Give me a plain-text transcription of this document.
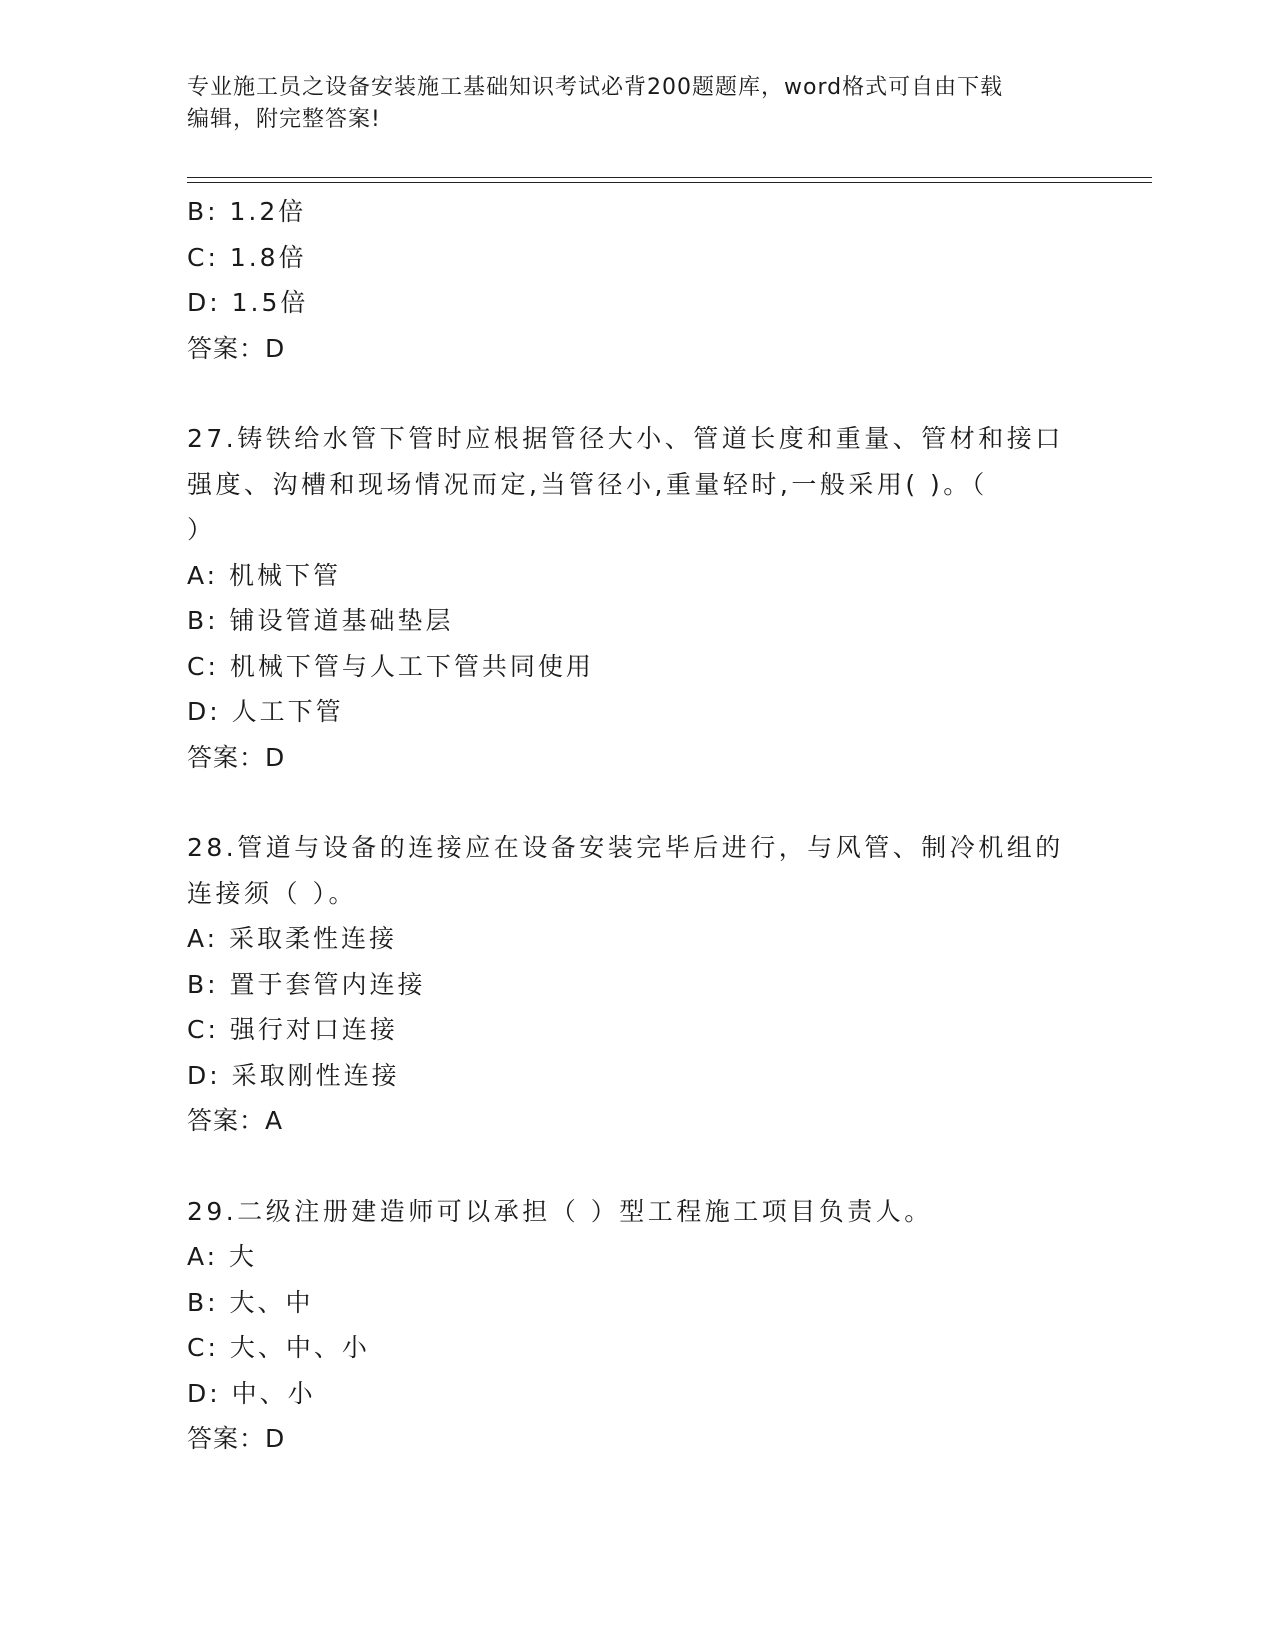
专业施工员之设备安装施工基础知识考试必背200题题库，word格式可自由下载
编辑，附完整答案!
B: 1.2倍
C: 1.8倍
D: 1.5倍
答案：D
27.铸铁给水管下管时应根据管径大小、管道长度和重量、管材和接口
强度、沟槽和现场情况而定,当管径小,重量轻时,一般采用( )。（
）
A: 机械下管
B: 铺设管道基础垫层
C: 机械下管与人工下管共同使用
D: 人工下管
答案：D
28.管道与设备的连接应在设备安装完毕后进行，与风管、制冷机组的
连接须（ ）。
A: 采取柔性连接
B: 置于套管内连接
C: 强行对口连接
D: 采取刚性连接
答案：A
29.二级注册建造师可以承担（ ）型工程施工项目负责人。
A: 大
B: 大、中
C: 大、中、小
D: 中、小
答案：D
